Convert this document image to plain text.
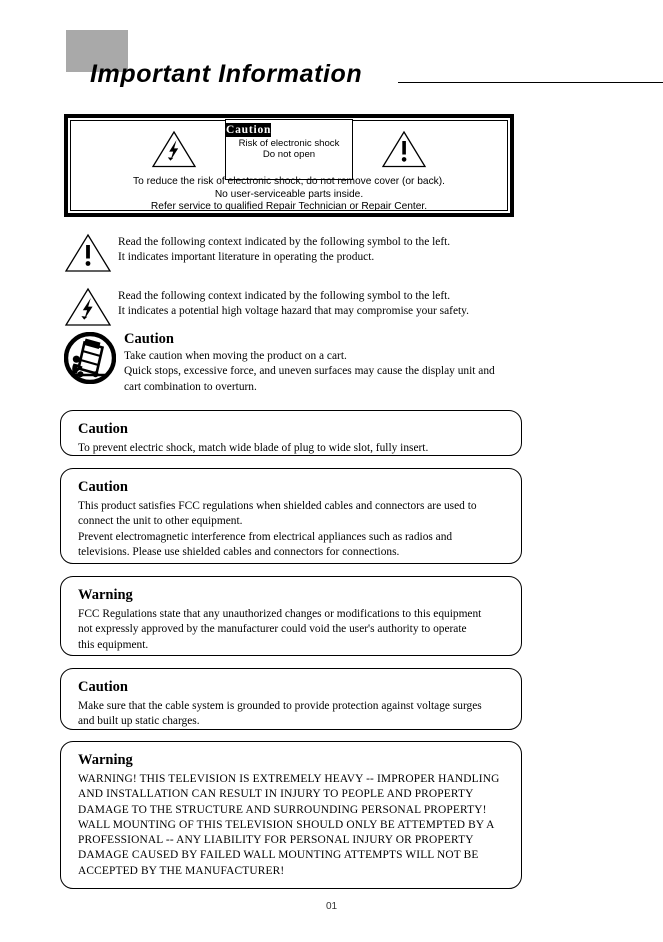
Important Information
Caution
Risk of electronic shock
Do not open
To reduce the risk of electronic shock, do not remove cover (or back).
No user-serviceable parts inside.
Refer service to qualified Repair Technician or Repair Center.
Read the following context indicated by the following symbol to the left.
It indicates important literature in operating the product.
Read the following context indicated by the following symbol to the left.
It indicates a potential high voltage hazard that may compromise your safety.
Caution
Take caution when moving the product on a cart.
Quick stops, excessive force, and uneven surfaces may cause the display unit and
cart combination to overturn.
Caution
To prevent electric shock, match wide blade of plug to wide slot, fully insert.
Caution
This product satisfies FCC regulations when shielded cables and connectors are used to
connect the unit to other equipment.
Prevent electromagnetic interference from electrical appliances such as radios and
televisions. Please use shielded cables and connectors for connections.
Warning
FCC Regulations state that any unauthorized changes or modifications to this equipment
not expressly approved by the manufacturer could void the user's authority to operate
this equipment.
Caution
Make sure that the cable system is grounded to provide protection against voltage surges
and built up static charges.
Warning
WARNING! THIS TELEVISION IS EXTREMELY HEAVY -- IMPROPER HANDLING
AND INSTALLATION CAN RESULT IN INJURY TO PEOPLE AND PROPERTY
DAMAGE TO THE STRUCTURE AND SURROUNDING PERSONAL PROPERTY!
WALL MOUNTING OF THIS TELEVISION SHOULD ONLY BE ATTEMPTED BY A
PROFESSIONAL -- ANY LIABILITY FOR PERSONAL INJURY OR PROPERTY
DAMAGE CAUSED BY FAILED WALL MOUNTING ATTEMPTS WILL NOT BE
ACCEPTED BY THE MANUFACTURER!
01
